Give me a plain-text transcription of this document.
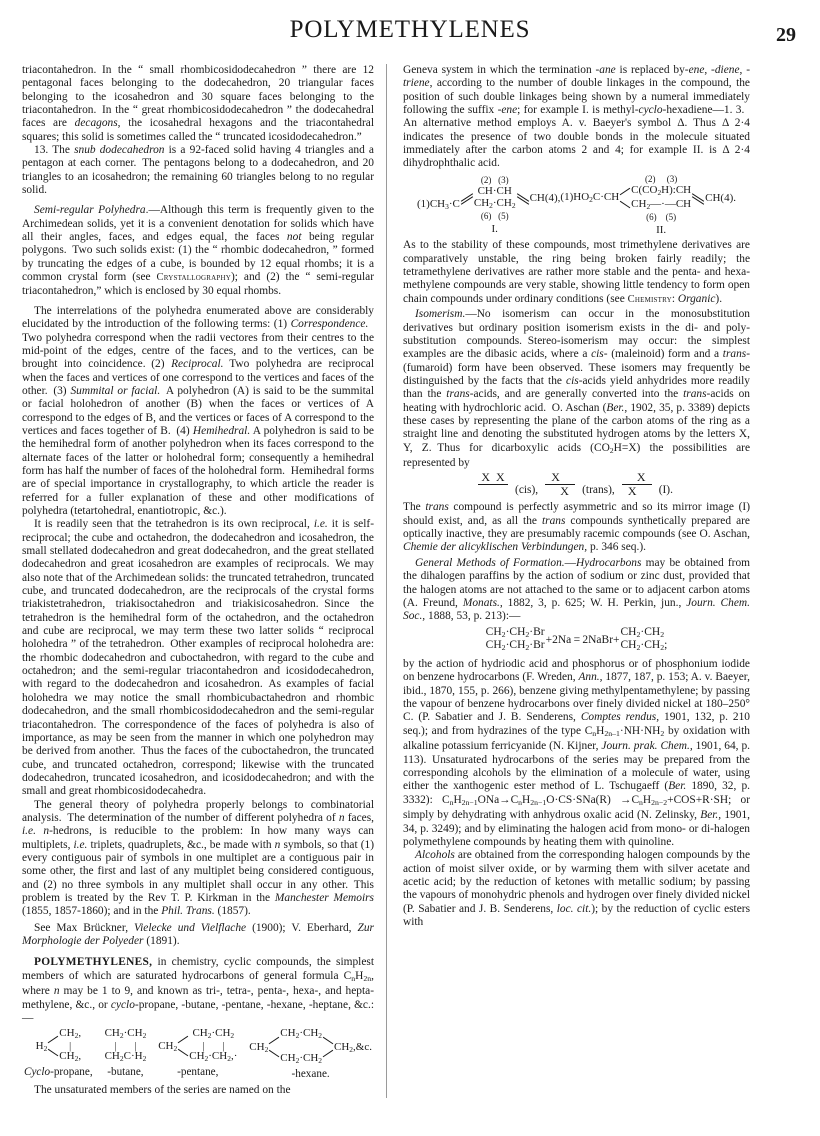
POLYMETHYLENES	29

triacontahedron. In the “ small rhombicosidodecahedron ” there are 12 pentagonal faces belonging to the dodecahedron, 20 triangular faces belonging to the icosahedron and 30 square faces belonging to the triacontahedron. In the “ great rhombicosidodecahedron ” the dodecahedral faces are decagons, the icosahedral hexagons and the triacontahedral squares; this solid is sometimes called the “ truncated icosidodecahedron.”

13. The snub dodecahedron is a 92-faced solid having 4 triangles and a pentagon at each corner. The pentagons belong to a dodecahedron, and 20 triangles to an icosahedron; the remaining 60 triangles belong to no regular solid.

Semi-regular Polyhedra.—Although this term is frequently given to the Archimedean solids, yet it is a convenient denotation for solids which have all their angles, faces, and edges equal, the faces not being regular polygons. Two such solids exist: (1) the “ rhombic dodecahedron, ” formed by truncating the edges of a cube, is bounded by 12 equal rhombs; it is a common crystal form (see Crystallography); and (2) the “ semi-regular triacontahedron,” which is enclosed by 30 equal rhombs.

The interrelations of the polyhedra enumerated above are considerably elucidated by the introduction of the following terms: (1) Correspondence. Two polyhedra correspond when the radii vectores from their centres to the mid-point of the edges, centre of the faces, and to the vertices, can be brought into coincidence. (2) Reciprocal. Two polyhedra are reciprocal when the faces and vertices of one correspond to the vertices and faces of the other. (3) Summital or facial. A polyhedron (A) is said to be the summital or facial holohedron of another (B) when the faces or vertices of A correspond to the edges of B, and the vertices or faces of A correspond to the vertices and faces together of B. (4) Hemihedral. A polyhedron is said to be the hemihedral form of another polyhedron when its faces correspond to the alternate faces of the latter or holohedral form; consequently a hemihedral form has half the number of faces of the holohedral form. Hemihedral forms are of special importance in crystallography, to which article the reader is referred for a fuller explanation of these and other modifications of polyhedra (tetartohedral, enantiotropic, &c.).

It is readily seen that the tetrahedron is its own reciprocal, i.e. it is self-reciprocal; the cube and octahedron, the dodecahedron and icosahedron, the small stellated dodecahedron and great dodecahedron, and the great stellated dodecahedron and great icosahedron are examples of reciprocals. We may also note that of the Archimedean solids: the truncated tetrahedron, truncated cube, and truncated dodecahedron, are the reciprocals of the crystal forms triakistetrahedron, triakisoctahedron and triakisicosahedron. Since the tetrahedron is the hemihedral form of the octahedron, and the octahedron and cube are reciprocal, we may term these two latter solids “ reciprocal holohedra ” of the tetrahedron. Other examples of reciprocal holohedra are: the rhombic dodecahedron and cuboctahedron, with regard to the cube and octahedron; and the semi-regular triacontahedron and icosidodecahedron, with regard to the dodecahedron and icosahedron. As examples of facial holohedra we may notice the small rhombicubactahedron and rhombic dodecahedron, and the small rhombicosidodecahedron and the semi-regular triacontahedron. The correspondence of the faces of polyhedra is also of importance, as may be seen from the manner in which one polyhedron may be derived from another. Thus the faces of the cuboctahedron, the truncated cube, and truncated octahedron, correspond; likewise with the truncated dodecahedron, truncated icosahedron, and icosidodecahedron; and with the small and great rhombicosidodecahedra.

The general theory of polyhedra properly belongs to combinatorial analysis. The determination of the number of different polyhedra of n faces, i.e. n-hedrons, is reducible to the problem: In how many ways can multiplets, i.e. triplets, quadruplets, &c., be made with n symbols, so that (1) every contiguous pair of symbols in one multiplet are a contiguous pair in some other, the first and last of any multiplet being considered contiguous, and (2) no three symbols in any multiplet shall occur in any other. This problem is treated by the Rev T. P. Kirkman in the Manchester Memoirs (1855, 1857-1860); and in the Phil. Trans. (1857).

See Max Brückner, Vielecke und Vielflache (1900); V. Eberhard, Zur Morphologie der Polyeder (1891).

POLYMETHYLENES, in chemistry, cyclic compounds, the simplest members of which are saturated hydrocarbons of general formula $C_nH_{2n}$, where n may be 1 to 9, and known as tri-, tetra-, penta-, hexa-, and hepta-methylene, &c., or cyclo-propane, -butane, -pentane, -hexane, -heptane, &c.:—

$H_2$
$CH_2$,
|
$CH_2$,
Cyclo-propane,
$CH_2\cdot CH_2$
| |
$CH_2C\cdot H_2$
-butane,
$CH_2$
$CH_2\cdot CH_2$
| |
$CH_2\cdot CH_2,\cdot$
-pentane,
$CH_2$
$CH_2\cdot CH_2$
$CH_2\cdot CH_2$
$CH_2,\&c$.
-hexane.

The unsaturated members of the series are named on the

Geneva system in which the termination -ane is replaced by-ene, -diene, -triene, according to the number of double linkages in the compound, the position of such double linkages being shown by a numeral immediately following the suffix -ene; for example I. is methyl-cyclo-hexadiene—1. 3. An alternative method employs A. v. Baeyer's symbol Δ. Thus Δ 2·4 indicates the presence of two double bonds in the molecule situated immediately after the carbon atoms 2 and 4; for example II. is Δ 2·4 dihydrophthalic acid.

$(1)CH_3\cdot C$
(2)   (3)
CH·CH
$CH_2\cdot CH_2$
(6)   (5)
I.
CH(4), $(1)HO_2C\cdot CH$
(2)     (3)
$C(CO_2H):CH$
$CH_2—\cdot—CH$
(6)    (5)
II.
CH(4).

As to the stability of these compounds, most trimethylene derivatives are comparatively unstable, the ring being broken fairly readily; the tetramethylene derivatives are rather more stable and the penta- and hexa-methylene compounds are very stable, showing little tendency to form open chain compounds under ordinary conditions (see Chemistry: Organic).

Isomerism.—No isomerism can occur in the monosubstitution derivatives but ordinary position isomerism exists in the di- and poly-substitution compounds. Stereo-isomerism may occur: the simplest examples are the dibasic acids, where a cis- (maleinoid) form and a trans- (fumaroid) form have been observed. These isomers may frequently be distinguished by the facts that the cis-acids yield anhydrides more readily than the trans-acids, and are generally converted into the trans-acids on heating with hydrochloric acid. O. Aschan (Ber., 1902, 35, p. 3389) depicts these cases by representing the plane of the carbon atoms of the ring as a straight line and denoting the substituted hydrogen atoms by the letters X, Y, Z. Thus for dicarboxylic acids $(CO_2H=X)$ the possibilities are represented by

X  X

(cis),
X
X (trans),
X
X (I).

The trans compound is perfectly asymmetric and so its mirror image (I) should exist, and, as all the trans compounds synthetically prepared are optically inactive, they are presumably racemic compounds (see O. Aschan, Chemie der alicyklischen Verbindungen, p. 346 seq.).

General Methods of Formation.—Hydrocarbons may be obtained from the dihalogen paraffins by the action of sodium or zinc dust, provided that the halogen atoms are not attached to the same or to adjacent carbon atoms (A. Freund, Monats., 1882, 3, p. 625; W. H. Perkin, jun., Journ. Chem. Soc., 1888, 53, p. 213):—

$CH_2\cdot CH_2\cdot Br$
$CH_2\cdot CH_2\cdot Br +2Na$ = 2NaBr+
$CH_2\cdot CH_2$
$CH_2\cdot CH_2$;

by the action of hydriodic acid and phosphorus or of phosphonium iodide on benzene hydrocarbons (F. Wreden, Ann., 1877, 187, p. 153; A. v. Baeyer, ibid., 1870, 155, p. 266), benzene giving methylpentamethylene; by passing the vapour of benzene hydrocarbons over finely divided nickel at 180–250° C. (P. Sabatier and J. B. Senderens, Comptes rendus, 1901, 132, p. 210 seq.); and from hydrazines of the type $C_nH_{2n-1}\cdot NH\cdot NH_2$ by oxidation with alkaline potassium ferricyanide (N. Kijner, Journ. prak. Chem., 1901, 64, p. 113). Unsaturated hydrocarbons of the series may be prepared from the corresponding alcohols by the elimination of a molecule of water, using either the xanthogenic ester method of L. Tschugaeff (Ber. 1890, 32, p. 3332): $C_nH_{2n-1}ONa\to C_nH_{2n-1}O\cdot CS\cdot SNa(R) \to C_nH_{2n-2}+COS+R\cdot SH$; or simply by dehydrating with anhydrous oxalic acid (N. Zelinsky, Ber., 1901, 34, p. 3249); and by eliminating the halogen acid from mono- or di-halogen polymethylene compounds by heating them with quinoline.

Alcohols are obtained from the corresponding halogen compounds by the action of moist silver oxide, or by warming them with silver acetate and acetic acid; by the reduction of ketones with metallic sodium; by passing the vapours of monohydric phenols and hydrogen over finely divided nickel (P. Sabatier and J. B. Senderens, loc. cit.); by the reduction of cyclic esters with
